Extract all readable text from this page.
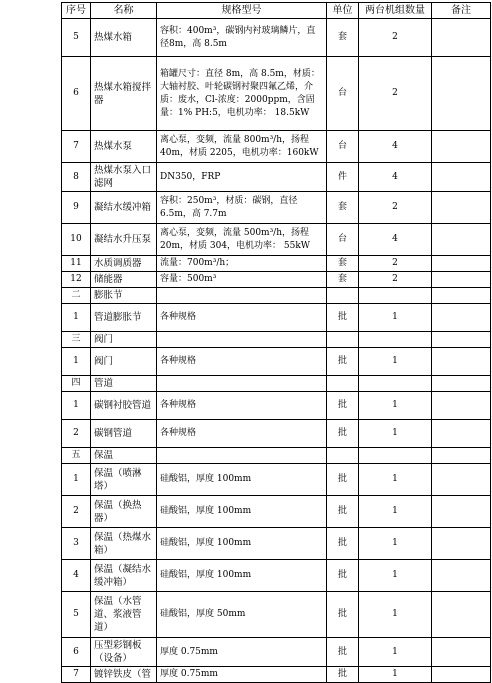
序号	名称	规格型号	单位	两台机组数量	备注
5	热煤水箱	容积：400m³，碳钢内衬玻璃鳞片，直径8m，高 8.5m	套	2	
6	热煤水箱搅拌器	箱罐尺寸：直径 8m，高 8.5m，材质：大轴衬胶、叶轮碳钢衬聚四氟乙烯，介质：废水，Cl-浓度：2000ppm，含固量：1% PH:5，电机功率： 18.5kW	台	2	
7	热煤水泵	离心泵，变频，流量 800m³/h，扬程 40m，材质 2205，电机功率：160kW	台	4	
8	热煤水泵入口滤网	DN350，FRP	件	4	
9	凝结水缓冲箱	容积：250m³，材质：碳钢，直径 6.5m，高 7.7m	套	2	
10	凝结水升压泵	离心泵，变频，流量 500m³/h，扬程 20m，材质 304，电机功率： 55kW	台	4	
11	水质调质器	流量：700m³/h；	套	2	
12	储能器	容量：500m³	套	2	
二	膨胀节				
1	管道膨胀节	各种规格	批	1	
三	阀门				
1	阀门	各种规格	批	1	
四	管道				
1	碳钢衬胶管道	各种规格	批	1	
2	碳钢管道	各种规格	批	1	
五	保温				
1	保温（喷淋塔）	硅酸铝，厚度 100mm	批	1	
2	保温（换热器）	硅酸铝，厚度 100mm	批	1	
3	保温（热煤水箱）	硅酸铝，厚度 100mm	批	1	
4	保温（凝结水缓冲箱）	硅酸铝，厚度 100mm	批	1	
5	保温（水管道、浆液管道）	硅酸铝，厚度 50mm	批	1	
6	压型彩钢板（设备）	厚度 0.75mm	批	1	
7	镀锌铁皮（管	厚度 0.75mm	批	1	
